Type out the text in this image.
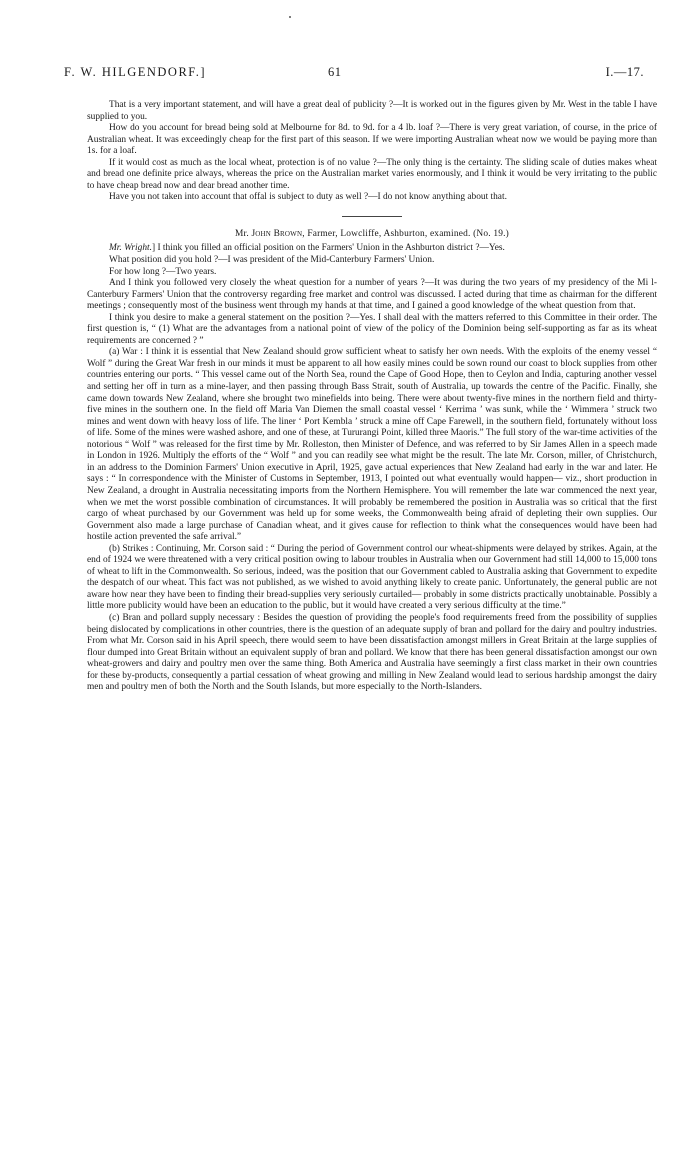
F. W. HILGENDORF.]	61	I.—17.

That is a very important statement, and will have a great deal of publicity ?—It is worked out in the figures given by Mr. West in the table I have supplied to you.

How do you account for bread being sold at Melbourne for 8d. to 9d. for a 4 lb. loaf ?—There is very great variation, of course, in the price of Australian wheat. It was exceedingly cheap for the first part of this season. If we were importing Australian wheat now we would be paying more than 1s. for a loaf.

If it would cost as much as the local wheat, protection is of no value ?—The only thing is the certainty. The sliding scale of duties makes wheat and bread one definite price always, whereas the price on the Australian market varies enormously, and I think it would be very irritating to the public to have cheap bread now and dear bread another time.

Have you not taken into account that offal is subject to duty as well ?—I do not know anything about that.

Mr. John Brown, Farmer, Lowcliffe, Ashburton, examined. (No. 19.)

Mr. Wright.] I think you filled an official position on the Farmers' Union in the Ashburton district ?—Yes.

What position did you hold ?—I was president of the Mid-Canterbury Farmers' Union.

For how long ?—Two years.

And I think you followed very closely the wheat question for a number of years ?—It was during the two years of my presidency of the Mi l-Canterbury Farmers' Union that the controversy regarding free market and control was discussed. I acted during that time as chairman for the different meetings ; consequently most of the business went through my hands at that time, and I gained a good knowledge of the wheat question from that.

I think you desire to make a general statement on the position ?—Yes. I shall deal with the matters referred to this Committee in their order. The first question is, “ (1) What are the advantages from a national point of view of the policy of the Dominion being self-supporting as far as its wheat requirements are concerned ? ”

(a) War : I think it is essential that New Zealand should grow sufficient wheat to satisfy her own needs. With the exploits of the enemy vessel “ Wolf ” during the Great War fresh in our minds it must be apparent to all how easily mines could be sown round our coast to block supplies from other countries entering our ports. “ This vessel came out of the North Sea, round the Cape of Good Hope, then to Ceylon and India, capturing another vessel and setting her off in turn as a mine-layer, and then passing through Bass Strait, south of Australia, up towards the centre of the Pacific. Finally, she came down towards New Zealand, where she brought two minefields into being. There were about twenty-five mines in the northern field and thirty-five mines in the southern one. In the field off Maria Van Diemen the small coastal vessel ‘ Kerrima ’ was sunk, while the ‘ Wimmera ’ struck two mines and went down with heavy loss of life. The liner ‘ Port Kembla ’ struck a mine off Cape Farewell, in the southern field, fortunately without loss of life. Some of the mines were washed ashore, and one of these, at Tururangi Point, killed three Maoris.” The full story of the war-time activities of the notorious “ Wolf ” was released for the first time by Mr. Rolleston, then Minister of Defence, and was referred to by Sir James Allen in a speech made in London in 1926. Multiply the efforts of the “ Wolf ” and you can readily see what might be the result. The late Mr. Corson, miller, of Christchurch, in an address to the Dominion Farmers' Union executive in April, 1925, gave actual experiences that New Zealand had early in the war and later. He says : “ In correspondence with the Minister of Customs in September, 1913, I pointed out what eventually would happen— viz., short production in New Zealand, a drought in Australia necessitating imports from the Northern Hemisphere. You will remember the late war commenced the next year, when we met the worst possible combination of circumstances. It will probably be remembered the position in Australia was so critical that the first cargo of wheat purchased by our Government was held up for some weeks, the Commonwealth being afraid of depleting their own supplies. Our Government also made a large purchase of Canadian wheat, and it gives cause for reflection to think what the consequences would have been had hostile action prevented the safe arrival.”

(b) Strikes : Continuing, Mr. Corson said : “ During the period of Government control our wheat-shipments were delayed by strikes. Again, at the end of 1924 we were threatened with a very critical position owing to labour troubles in Australia when our Government had still 14,000 to 15,000 tons of wheat to lift in the Commonwealth. So serious, indeed, was the position that our Government cabled to Australia asking that Government to expedite the despatch of our wheat. This fact was not published, as we wished to avoid anything likely to create panic. Unfortunately, the general public are not aware how near they have been to finding their bread-supplies very seriously curtailed— probably in some districts practically unobtainable. Possibly a little more publicity would have been an education to the public, but it would have created a very serious difficulty at the time.”

(c) Bran and pollard supply necessary : Besides the question of providing the people's food requirements freed from the possibility of supplies being dislocated by complications in other countries, there is the question of an adequate supply of bran and pollard for the dairy and poultry industries. From what Mr. Corson said in his April speech, there would seem to have been dissatisfaction amongst millers in Great Britain at the large supplies of flour dumped into Great Britain without an equivalent supply of bran and pollard. We know that there has been general dissatisfaction amongst our own wheat-growers and dairy and poultry men over the same thing. Both America and Australia have seemingly a first class market in their own countries for these by-products, consequently a partial cessation of wheat growing and milling in New Zealand would lead to serious hardship amongst the dairy men and poultry men of both the North and the South Islands, but more especially to the North-Islanders.
